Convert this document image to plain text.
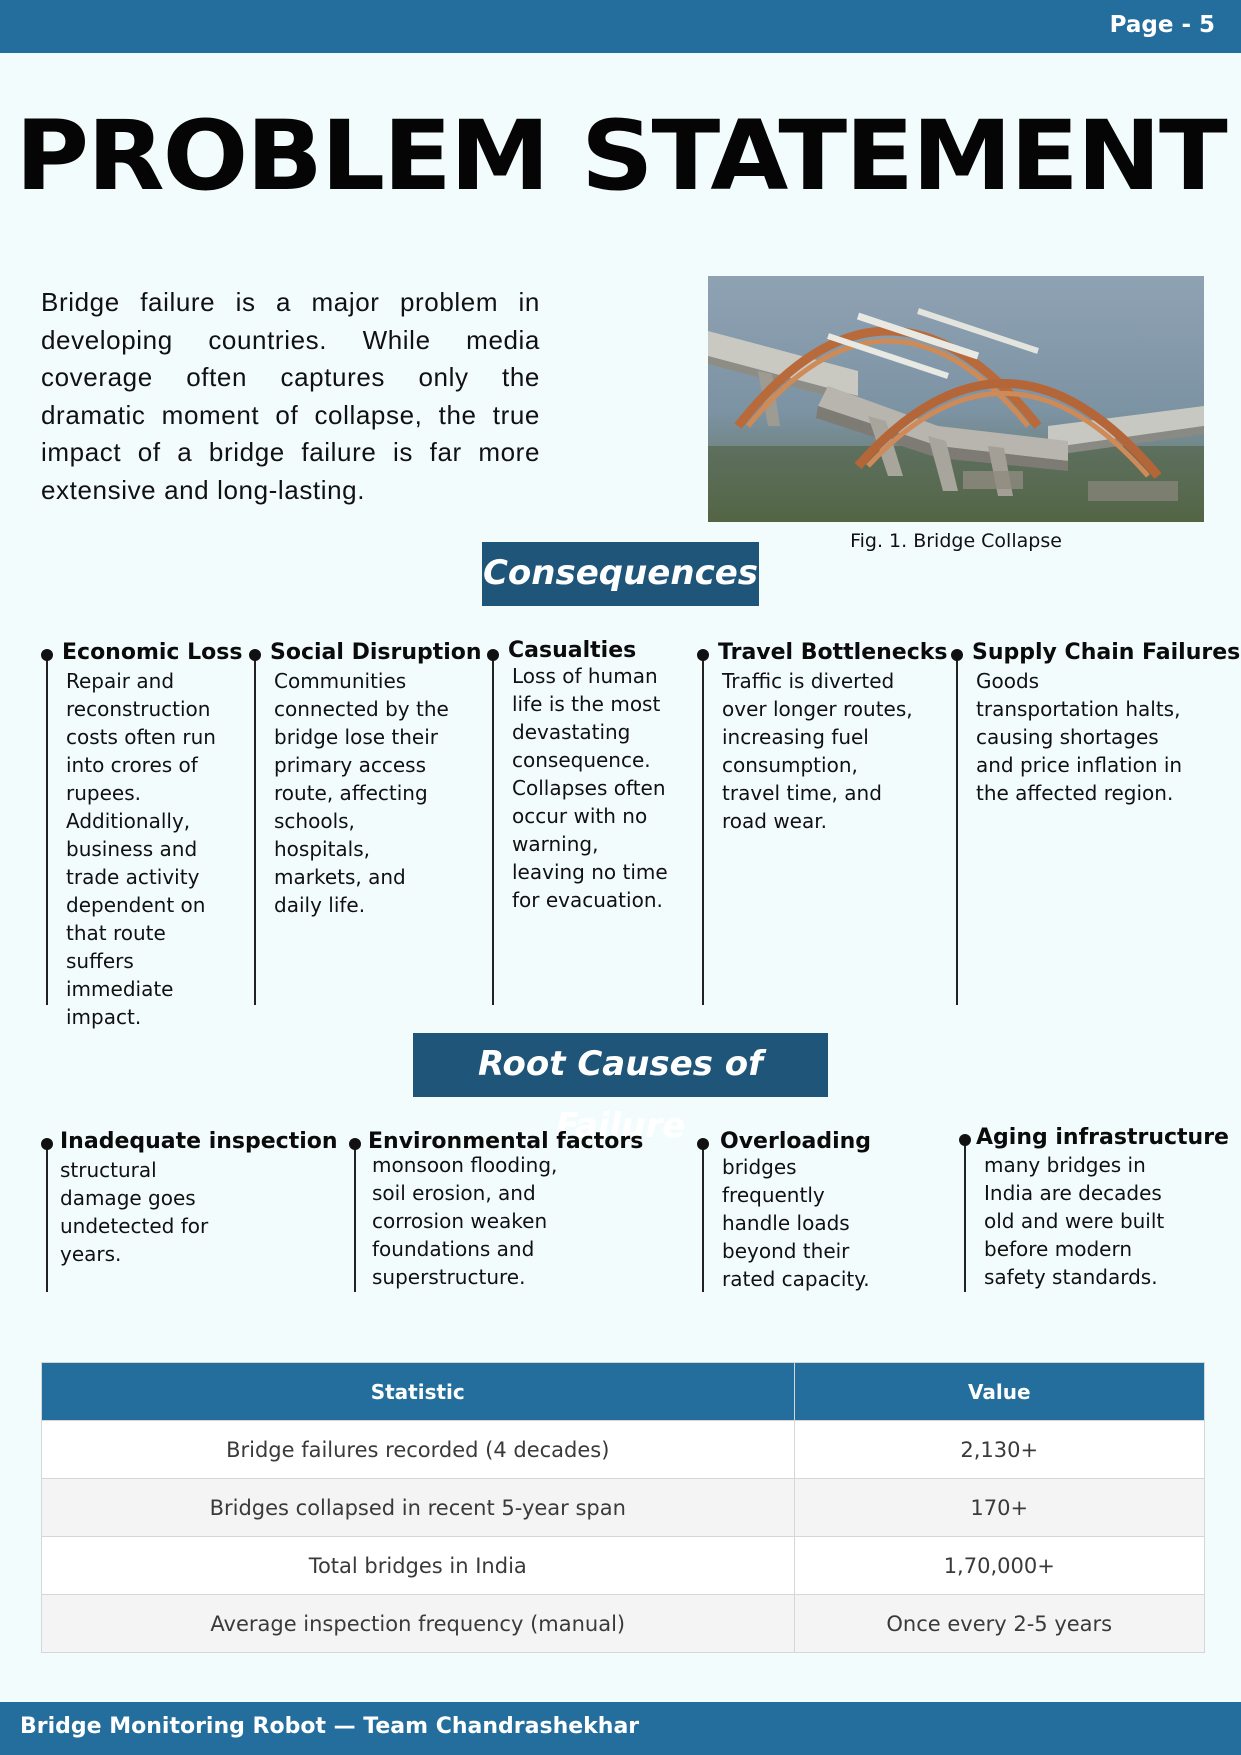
Page - 5
PROBLEM STATEMENT
Bridge failure is a major problem in developing countries. While media coverage often captures only the dramatic moment of collapse, the true impact of a bridge failure is far more extensive and long-lasting.
Fig. 1. Bridge Collapse
Consequences
Economic Loss
Repair and reconstruction costs often run into crores of rupees. Additionally, business and trade activity dependent on that route suffers immediate impact.
Social Disruption
Communities connected by the bridge lose their primary access route, affecting schools, hospitals, markets, and daily life.
Casualties
Loss of human life is the most devastating consequence. Collapses often occur with no warning, leaving no time for evacuation.
Travel Bottlenecks
Traffic is diverted over longer routes, increasing fuel consumption, travel time, and road wear.
Supply Chain Failures
Goods transportation halts, causing shortages and price inflation in the affected region.
Root Causes of Failure
Inadequate inspection
structural damage goes undetected for years.
Environmental factors
monsoon flooding, soil erosion, and corrosion weaken foundations and superstructure.
Overloading
bridges frequently handle loads beyond their rated capacity.
Aging infrastructure
many bridges in India are decades old and were built before modern safety standards.
Statistic	Value
Bridge failures recorded (4 decades)	2,130+
Bridges collapsed in recent 5-year span	170+
Total bridges in India	1,70,000+
Average inspection frequency (manual)	Once every 2-5 years
Bridge Monitoring Robot — Team Chandrashekhar
